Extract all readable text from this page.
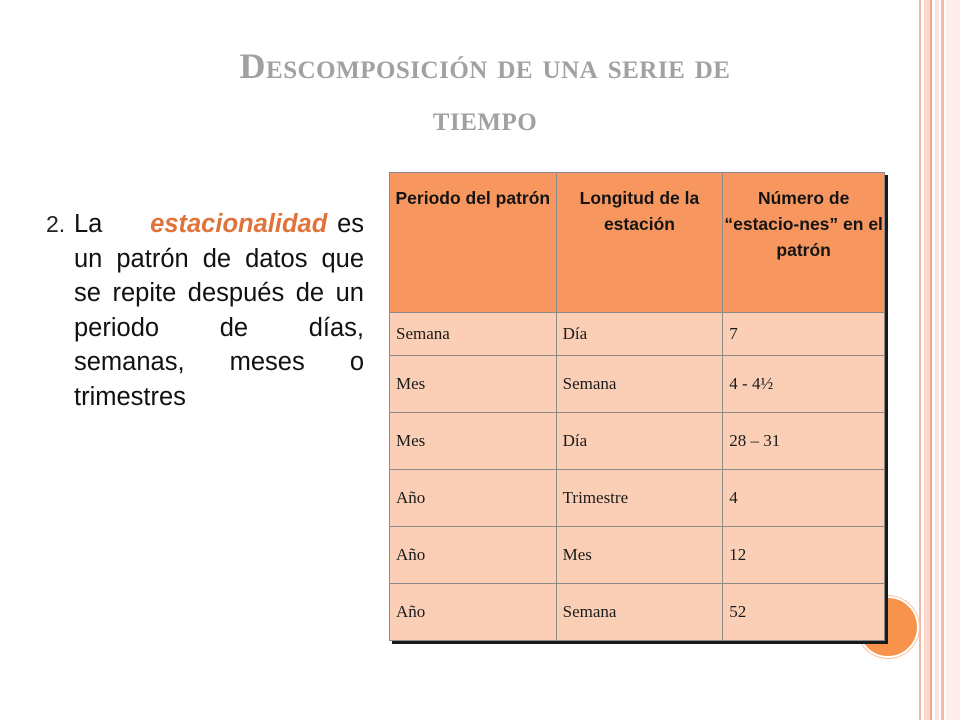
Descomposición de una serie de
tiempo
2. La estacionalidad es un patrón de datos que se repite después de un periodo de días, semanas, meses o trimestres
Periodo del patrón	Longitud de la estación	Número de “estacio-nes” en el patrón
Semana	Día	7
Mes	Semana	4 - 4½
Mes	Día	28 – 31
Año	Trimestre	4
Año	Mes	12
Año	Semana	52
